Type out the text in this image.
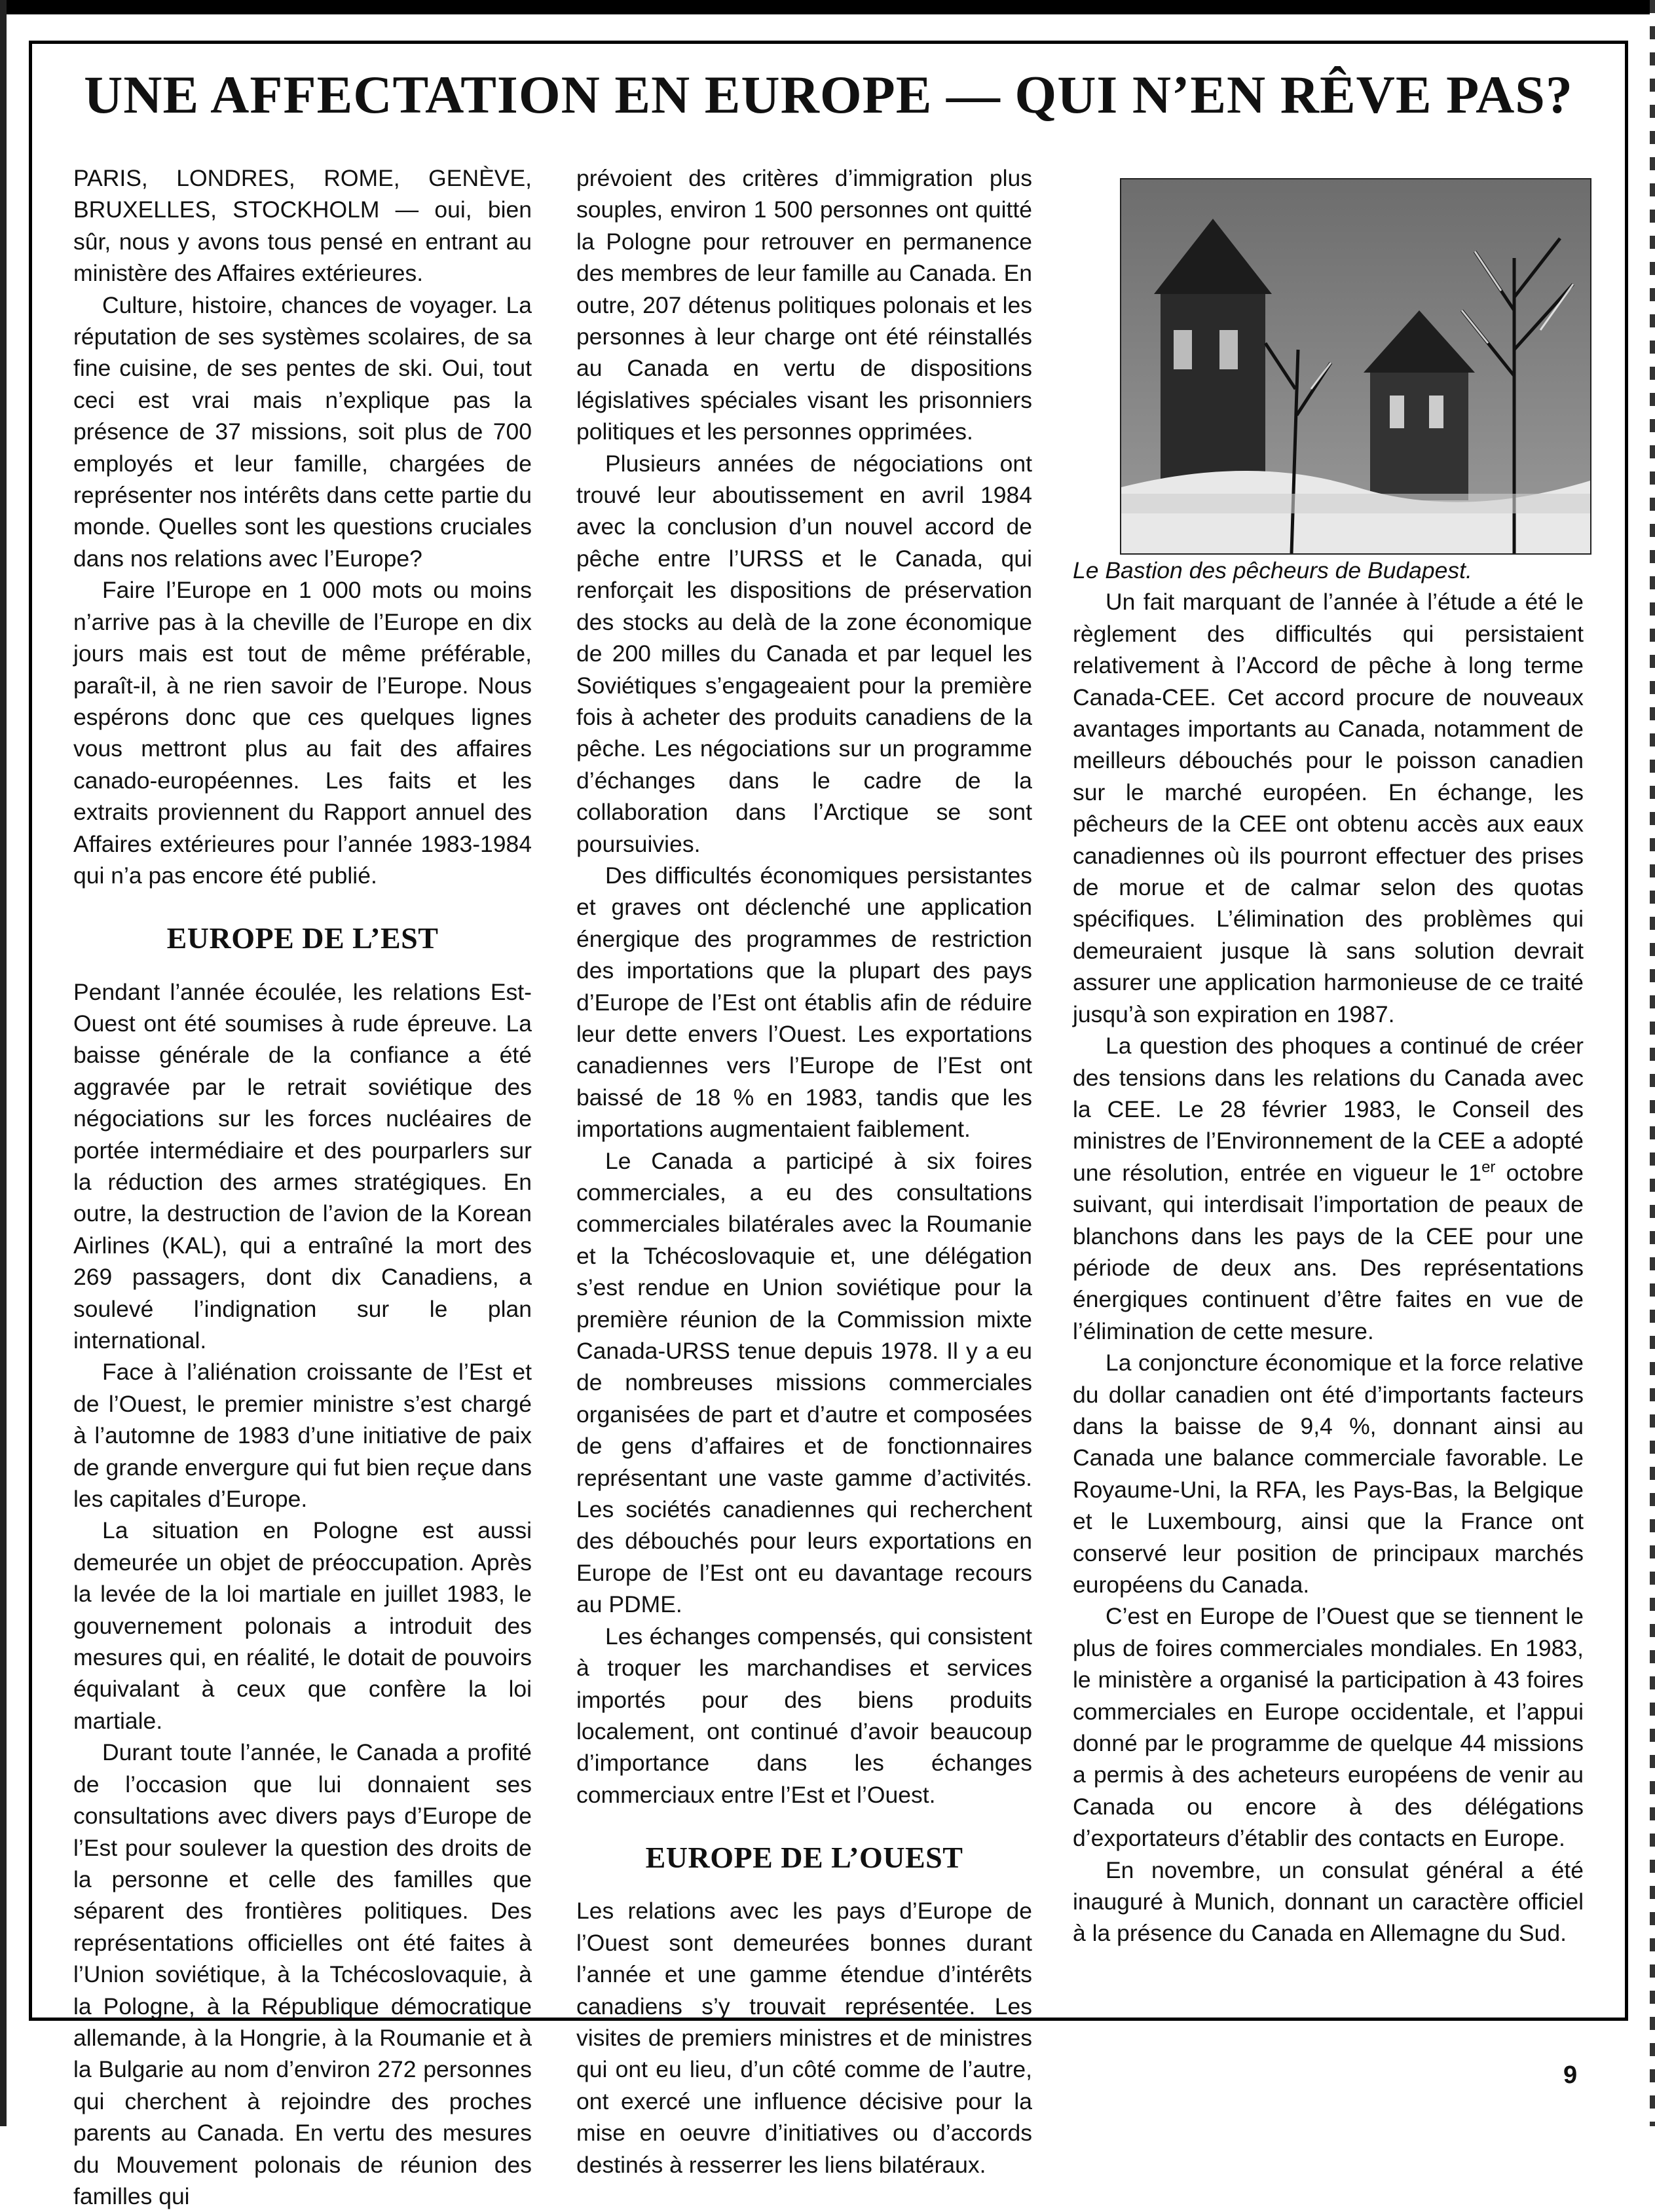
UNE AFFECTATION EN EUROPE — QUI N’EN RÊVE PAS?

PARIS, LONDRES, ROME, GENÈVE, BRUXELLES, STOCKHOLM — oui, bien sûr, nous y avons tous pensé en entrant au ministère des Affaires extérieures.

Culture, histoire, chances de voyager. La réputation de ses systèmes scolaires, de sa fine cuisine, de ses pentes de ski. Oui, tout ceci est vrai mais n’explique pas la présence de 37 missions, soit plus de 700 employés et leur famille, chargées de représenter nos intérêts dans cette partie du monde. Quelles sont les questions cruciales dans nos relations avec l’Europe?

Faire l’Europe en 1 000 mots ou moins n’arrive pas à la cheville de l’Europe en dix jours mais est tout de même préférable, paraît-il, à ne rien savoir de l’Europe. Nous espérons donc que ces quelques lignes vous mettront plus au fait des affaires canado-européennes. Les faits et les extraits proviennent du Rapport annuel des Affaires extérieures pour l’année 1983-1984 qui n’a pas encore été publié.

EUROPE DE L’EST

Pendant l’année écoulée, les relations Est-Ouest ont été soumises à rude épreuve. La baisse générale de la confiance a été aggravée par le retrait soviétique des négociations sur les forces nucléaires de portée intermédiaire et des pourparlers sur la réduction des armes stratégiques. En outre, la destruction de l’avion de la Korean Airlines (KAL), qui a entraîné la mort des 269 passagers, dont dix Canadiens, a soulevé l’indignation sur le plan international.

Face à l’aliénation croissante de l’Est et de l’Ouest, le premier ministre s’est chargé à l’automne de 1983 d’une initiative de paix de grande envergure qui fut bien reçue dans les capitales d’Europe.

La situation en Pologne est aussi demeurée un objet de préoccupation. Après la levée de la loi martiale en juillet 1983, le gouvernement polonais a introduit des mesures qui, en réalité, le dotait de pouvoirs équivalant à ceux que confère la loi martiale.

Durant toute l’année, le Canada a profité de l’occasion que lui donnaient ses consultations avec divers pays d’Europe de l’Est pour soulever la question des droits de la personne et celle des familles que séparent des frontières politiques. Des représentations officielles ont été faites à l’Union soviétique, à la Tchécoslovaquie, à la Pologne, à la République démocratique allemande, à la Hongrie, à la Roumanie et à la Bulgarie au nom d’environ 272 personnes qui cherchent à rejoindre des proches parents au Canada. En vertu des mesures du Mouvement polonais de réunion des familles qui

prévoient des critères d’immigration plus souples, environ 1 500 personnes ont quitté la Pologne pour retrouver en permanence des membres de leur famille au Canada. En outre, 207 détenus politiques polonais et les personnes à leur charge ont été réinstallés au Canada en vertu de dispositions législatives spéciales visant les prisonniers politiques et les personnes opprimées.

Plusieurs années de négociations ont trouvé leur aboutissement en avril 1984 avec la conclusion d’un nouvel accord de pêche entre l’URSS et le Canada, qui renforçait les dispositions de préservation des stocks au delà de la zone économique de 200 milles du Canada et par lequel les Soviétiques s’engageaient pour la première fois à acheter des produits canadiens de la pêche. Les négociations sur un programme d’échanges dans le cadre de la collaboration dans l’Arctique se sont poursuivies.

Des difficultés économiques persistantes et graves ont déclenché une application énergique des programmes de restriction des importations que la plupart des pays d’Europe de l’Est ont établis afin de réduire leur dette envers l’Ouest. Les exportations canadiennes vers l’Europe de l’Est ont baissé de 18 % en 1983, tandis que les importations augmentaient faiblement.

Le Canada a participé à six foires commerciales, a eu des consultations commerciales bilatérales avec la Roumanie et la Tchécoslovaquie et, une délégation s’est rendue en Union soviétique pour la première réunion de la Commission mixte Canada-URSS tenue depuis 1978. Il y a eu de nombreuses missions commerciales organisées de part et d’autre et composées de gens d’affaires et de fonctionnaires représentant une vaste gamme d’activités. Les sociétés canadiennes qui recherchent des débouchés pour leurs exportations en Europe de l’Est ont eu davantage recours au PDME.

Les échanges compensés, qui consistent à troquer les marchandises et services importés pour des biens produits localement, ont continué d’avoir beaucoup d’importance dans les échanges commerciaux entre l’Est et l’Ouest.

EUROPE DE L’OUEST

Les relations avec les pays d’Europe de l’Ouest sont demeurées bonnes durant l’année et une gamme étendue d’intérêts canadiens s’y trouvait représentée. Les visites de premiers ministres et de ministres qui ont eu lieu, d’un côté comme de l’autre, ont exercé une influence décisive pour la mise en oeuvre d’initiatives ou d’accords destinés à resserrer les liens bilatéraux.

Le Bastion des pêcheurs de Budapest.

Un fait marquant de l’année à l’étude a été le règlement des difficultés qui persistaient relativement à l’Accord de pêche à long terme Canada-CEE. Cet accord procure de nouveaux avantages importants au Canada, notamment de meilleurs débouchés pour le poisson canadien sur le marché européen. En échange, les pêcheurs de la CEE ont obtenu accès aux eaux canadiennes où ils pourront effectuer des prises de morue et de calmar selon des quotas spécifiques. L’élimination des problèmes qui demeuraient jusque là sans solution devrait assurer une application harmonieuse de ce traité jusqu’à son expiration en 1987.

La question des phoques a continué de créer des tensions dans les relations du Canada avec la CEE. Le 28 février 1983, le Conseil des ministres de l’Environnement de la CEE a adopté une résolution, entrée en vigueur le 1er octobre suivant, qui interdisait l’importation de peaux de blanchons dans les pays de la CEE pour une période de deux ans. Des représentations énergiques continuent d’être faites en vue de l’élimination de cette mesure.

La conjoncture économique et la force relative du dollar canadien ont été d’importants facteurs dans la baisse de 9,4 %, donnant ainsi au Canada une balance commerciale favorable. Le Royaume-Uni, la RFA, les Pays-Bas, la Belgique et le Luxembourg, ainsi que la France ont conservé leur position de principaux marchés européens du Canada.

C’est en Europe de l’Ouest que se tiennent le plus de foires commerciales mondiales. En 1983, le ministère a organisé la participation à 43 foires commerciales en Europe occidentale, et l’appui donné par le programme de quelque 44 missions a permis à des acheteurs européens de venir au Canada ou encore à des délégations d’exportateurs d’établir des contacts en Europe.

En novembre, un consulat général a été inauguré à Munich, donnant un caractère officiel à la présence du Canada en Allemagne du Sud.

9
